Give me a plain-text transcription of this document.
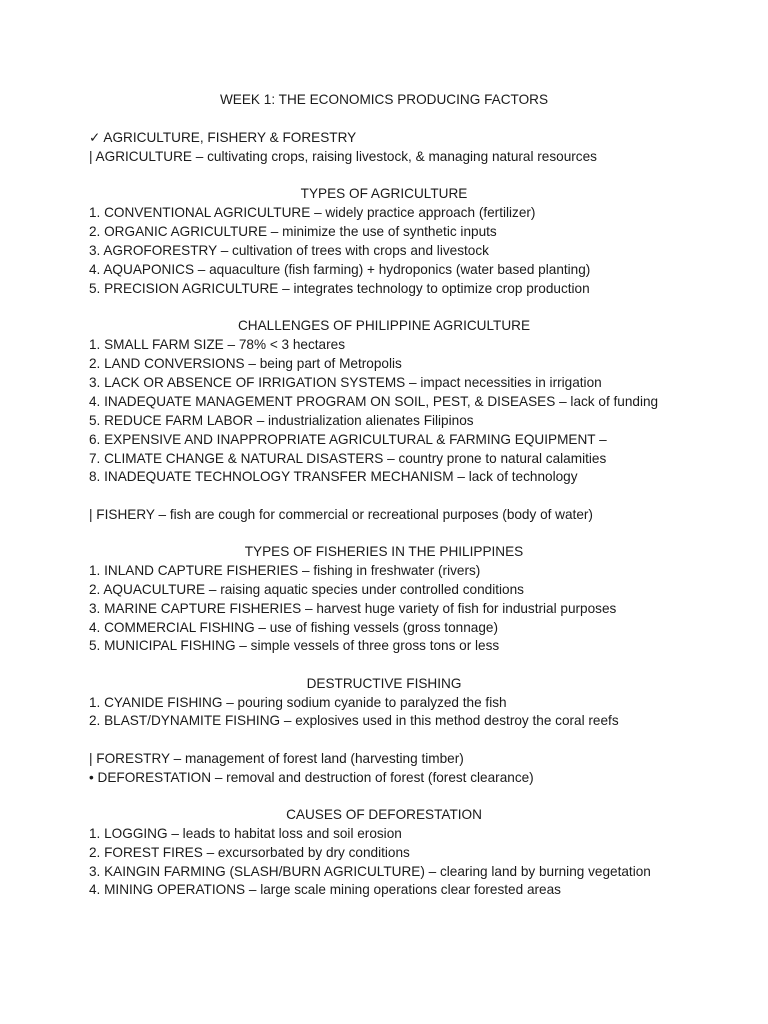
WEEK 1: THE ECONOMICS PRODUCING FACTORS
✓ AGRICULTURE, FISHERY & FORESTRY
| AGRICULTURE – cultivating crops, raising livestock, & managing natural resources
TYPES OF AGRICULTURE
1. CONVENTIONAL AGRICULTURE – widely practice approach (fertilizer)
2. ORGANIC AGRICULTURE – minimize the use of synthetic inputs
3. AGROFORESTRY – cultivation of trees with crops and livestock
4. AQUAPONICS – aquaculture (fish farming) + hydroponics (water based planting)
5. PRECISION AGRICULTURE – integrates technology to optimize crop production
CHALLENGES OF PHILIPPINE AGRICULTURE
1. SMALL FARM SIZE – 78% < 3 hectares
2. LAND CONVERSIONS – being part of Metropolis
3. LACK OR ABSENCE OF IRRIGATION SYSTEMS – impact necessities in irrigation
4. INADEQUATE MANAGEMENT PROGRAM ON SOIL, PEST, & DISEASES – lack of funding
5. REDUCE FARM LABOR – industrialization alienates Filipinos
6. EXPENSIVE AND INAPPROPRIATE AGRICULTURAL & FARMING EQUIPMENT –
7. CLIMATE CHANGE & NATURAL DISASTERS – country prone to natural calamities
8. INADEQUATE TECHNOLOGY TRANSFER MECHANISM – lack of technology
| FISHERY – fish are cough for commercial or recreational purposes (body of water)
TYPES OF FISHERIES IN THE PHILIPPINES
1. INLAND CAPTURE FISHERIES – fishing in freshwater (rivers)
2. AQUACULTURE – raising aquatic species under controlled conditions
3. MARINE CAPTURE FISHERIES – harvest huge variety of fish for industrial purposes
4. COMMERCIAL FISHING – use of fishing vessels (gross tonnage)
5. MUNICIPAL FISHING – simple vessels of three gross tons or less
DESTRUCTIVE FISHING
1. CYANIDE FISHING – pouring sodium cyanide to paralyzed the fish
2. BLAST/DYNAMITE FISHING – explosives used in this method destroy the coral reefs
| FORESTRY – management of forest land (harvesting timber)
• DEFORESTATION – removal and destruction of forest (forest clearance)
CAUSES OF DEFORESTATION
1. LOGGING – leads to habitat loss and soil erosion
2. FOREST FIRES – excursorbated by dry conditions
3. KAINGIN FARMING (SLASH/BURN AGRICULTURE) – clearing land by burning vegetation
4. MINING OPERATIONS – large scale mining operations clear forested areas
